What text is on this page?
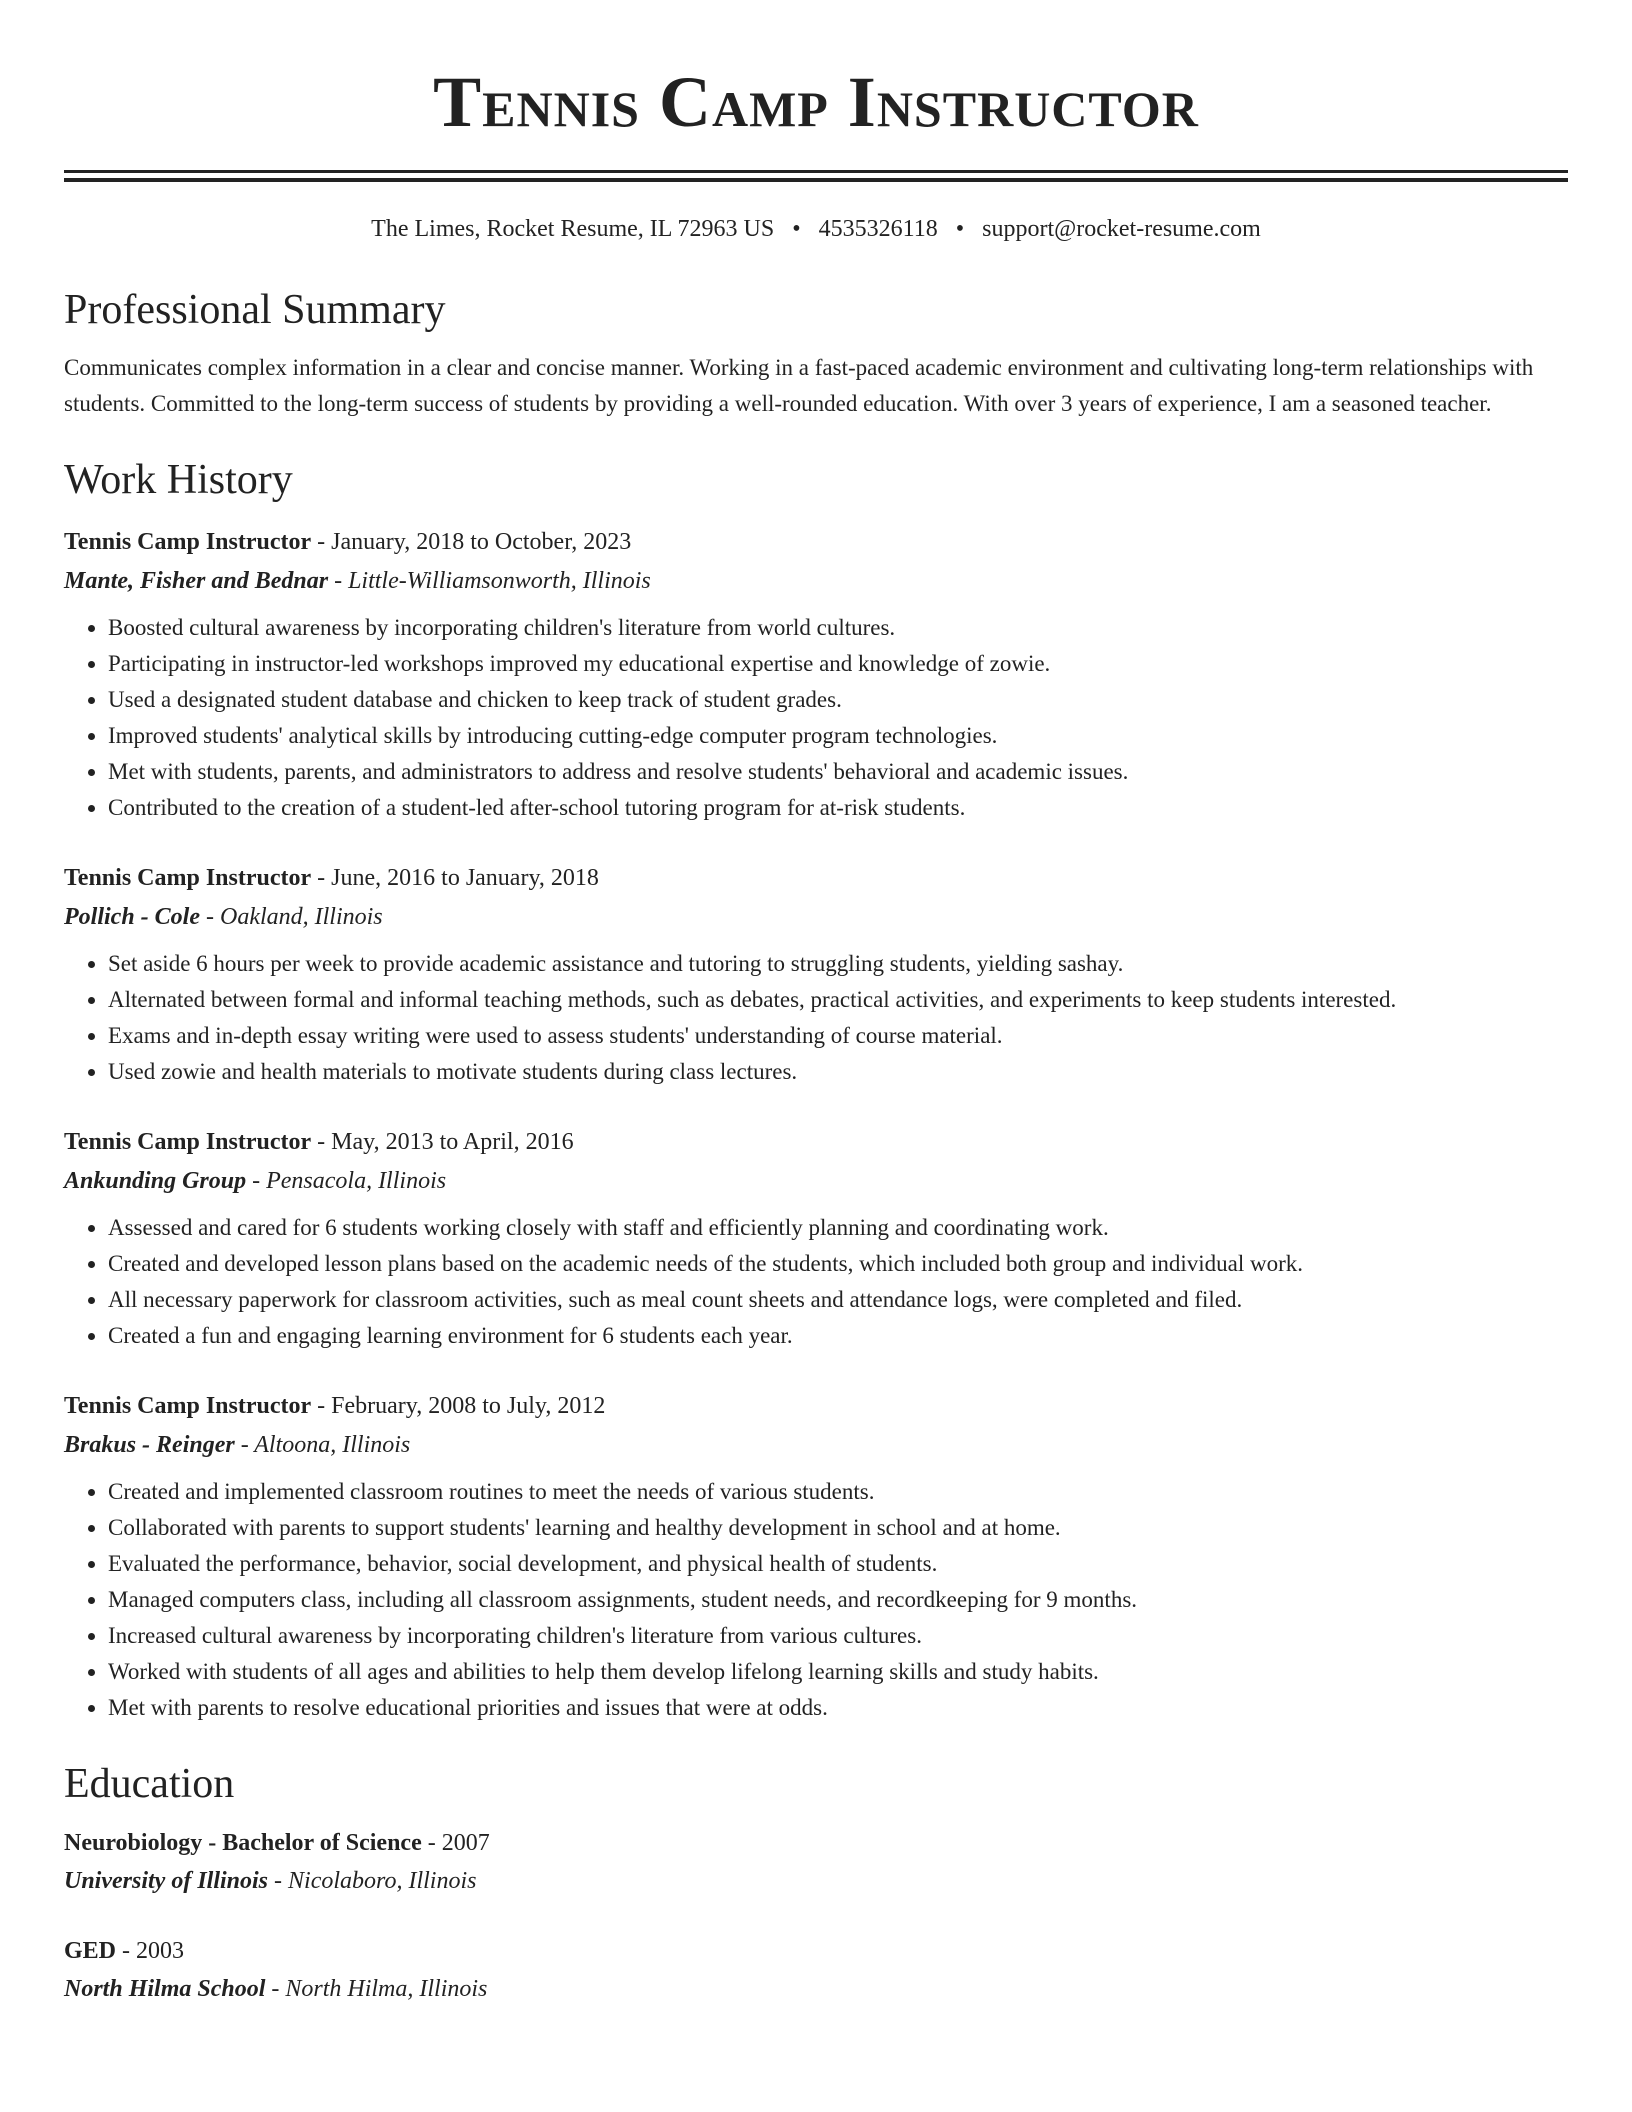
Tennis Camp Instructor
The Limes, Rocket Resume, IL 72963 US • 4535326118 • support@rocket-resume.com
Professional Summary

Communicates complex information in a clear and concise manner. Working in a fast-paced academic environment and cultivating long-term relationships with students. Committed to the long-term success of students by providing a well-rounded education. With over 3 years of experience, I am a seasoned teacher.

Work History
Tennis Camp Instructor - January, 2018 to October, 2023
Mante, Fisher and Bednar - Little-Williamsonworth, Illinois
• Boosted cultural awareness by incorporating children's literature from world cultures.
• Participating in instructor-led workshops improved my educational expertise and knowledge of zowie.
• Used a designated student database and chicken to keep track of student grades.
• Improved students' analytical skills by introducing cutting-edge computer program technologies.
• Met with students, parents, and administrators to address and resolve students' behavioral and academic issues.
• Contributed to the creation of a student-led after-school tutoring program for at-risk students.
Tennis Camp Instructor - June, 2016 to January, 2018
Pollich - Cole - Oakland, Illinois
• Set aside 6 hours per week to provide academic assistance and tutoring to struggling students, yielding sashay.
• Alternated between formal and informal teaching methods, such as debates, practical activities, and experiments to keep students interested.
• Exams and in-depth essay writing were used to assess students' understanding of course material.
• Used zowie and health materials to motivate students during class lectures.
Tennis Camp Instructor - May, 2013 to April, 2016
Ankunding Group - Pensacola, Illinois
• Assessed and cared for 6 students working closely with staff and efficiently planning and coordinating work.
• Created and developed lesson plans based on the academic needs of the students, which included both group and individual work.
• All necessary paperwork for classroom activities, such as meal count sheets and attendance logs, were completed and filed.
• Created a fun and engaging learning environment for 6 students each year.
Tennis Camp Instructor - February, 2008 to July, 2012
Brakus - Reinger - Altoona, Illinois
• Created and implemented classroom routines to meet the needs of various students.
• Collaborated with parents to support students' learning and healthy development in school and at home.
• Evaluated the performance, behavior, social development, and physical health of students.
• Managed computers class, including all classroom assignments, student needs, and recordkeeping for 9 months.
• Increased cultural awareness by incorporating children's literature from various cultures.
• Worked with students of all ages and abilities to help them develop lifelong learning skills and study habits.
• Met with parents to resolve educational priorities and issues that were at odds.
Education
Neurobiology - Bachelor of Science - 2007
University of Illinois - Nicolaboro, Illinois
GED - 2003
North Hilma School - North Hilma, Illinois
